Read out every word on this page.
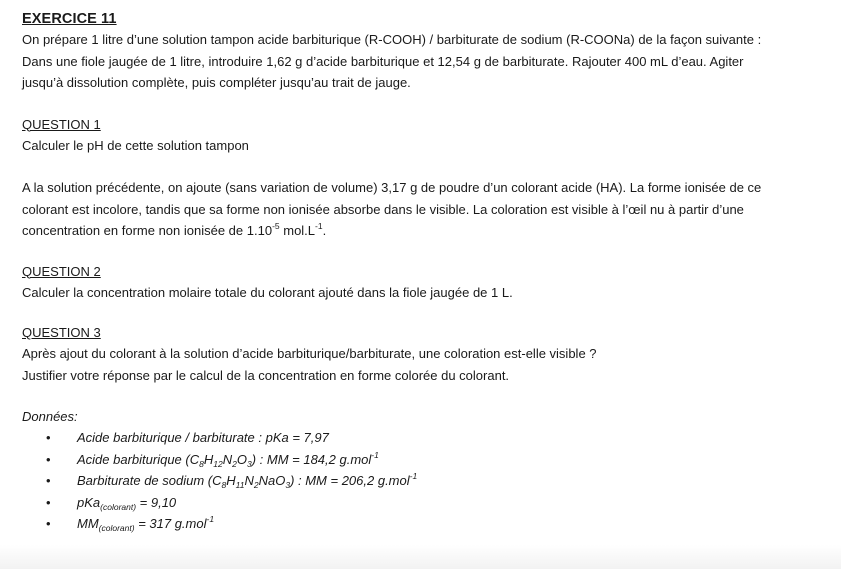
EXERCICE 11

On prépare 1 litre d’une solution tampon acide barbiturique (R-COOH) / barbiturate de sodium (R-COONa) de la façon suivante :

Dans une fiole jaugée de 1 litre, introduire 1,62 g d’acide barbiturique et 12,54 g de barbiturate. Rajouter 400 mL d’eau. Agiter

jusqu’à dissolution complète, puis compléter jusqu’au trait de jauge.

QUESTION 1

Calculer le pH de cette solution tampon

A la solution précédente, on ajoute (sans variation de volume) 3,17 g de poudre d’un colorant acide (HA). La forme ionisée de ce

colorant est incolore, tandis que sa forme non ionisée absorbe dans le visible. La coloration est visible à l’œil nu à partir d’une

concentration en forme non ionisée de $1.10^{-5}$ $mol.L^{-1}$.

QUESTION 2

Calculer la concentration molaire totale du colorant ajouté dans la fiole jaugée de 1 L.

QUESTION 3

Après ajout du colorant à la solution d’acide barbiturique/barbiturate, une coloration est-elle visible ?

Justifier votre réponse par le calcul de la concentration en forme colorée du colorant.

Données:

• Acide barbiturique / barbiturate : pKa = 7,97
• Acide barbiturique $(C_8H_{12}N_2O_3)$ : MM = 184,2 g.mol$^{-1}$
• Barbiturate de sodium $(C_8H_{11}N_2NaO_3)$ : MM = 206,2 g.mol$^{-1}$
• pKa$_{(colorant)}$ = 9,10
• $MM_{(colorant)} = 317$ g.mol$^{-1}$
